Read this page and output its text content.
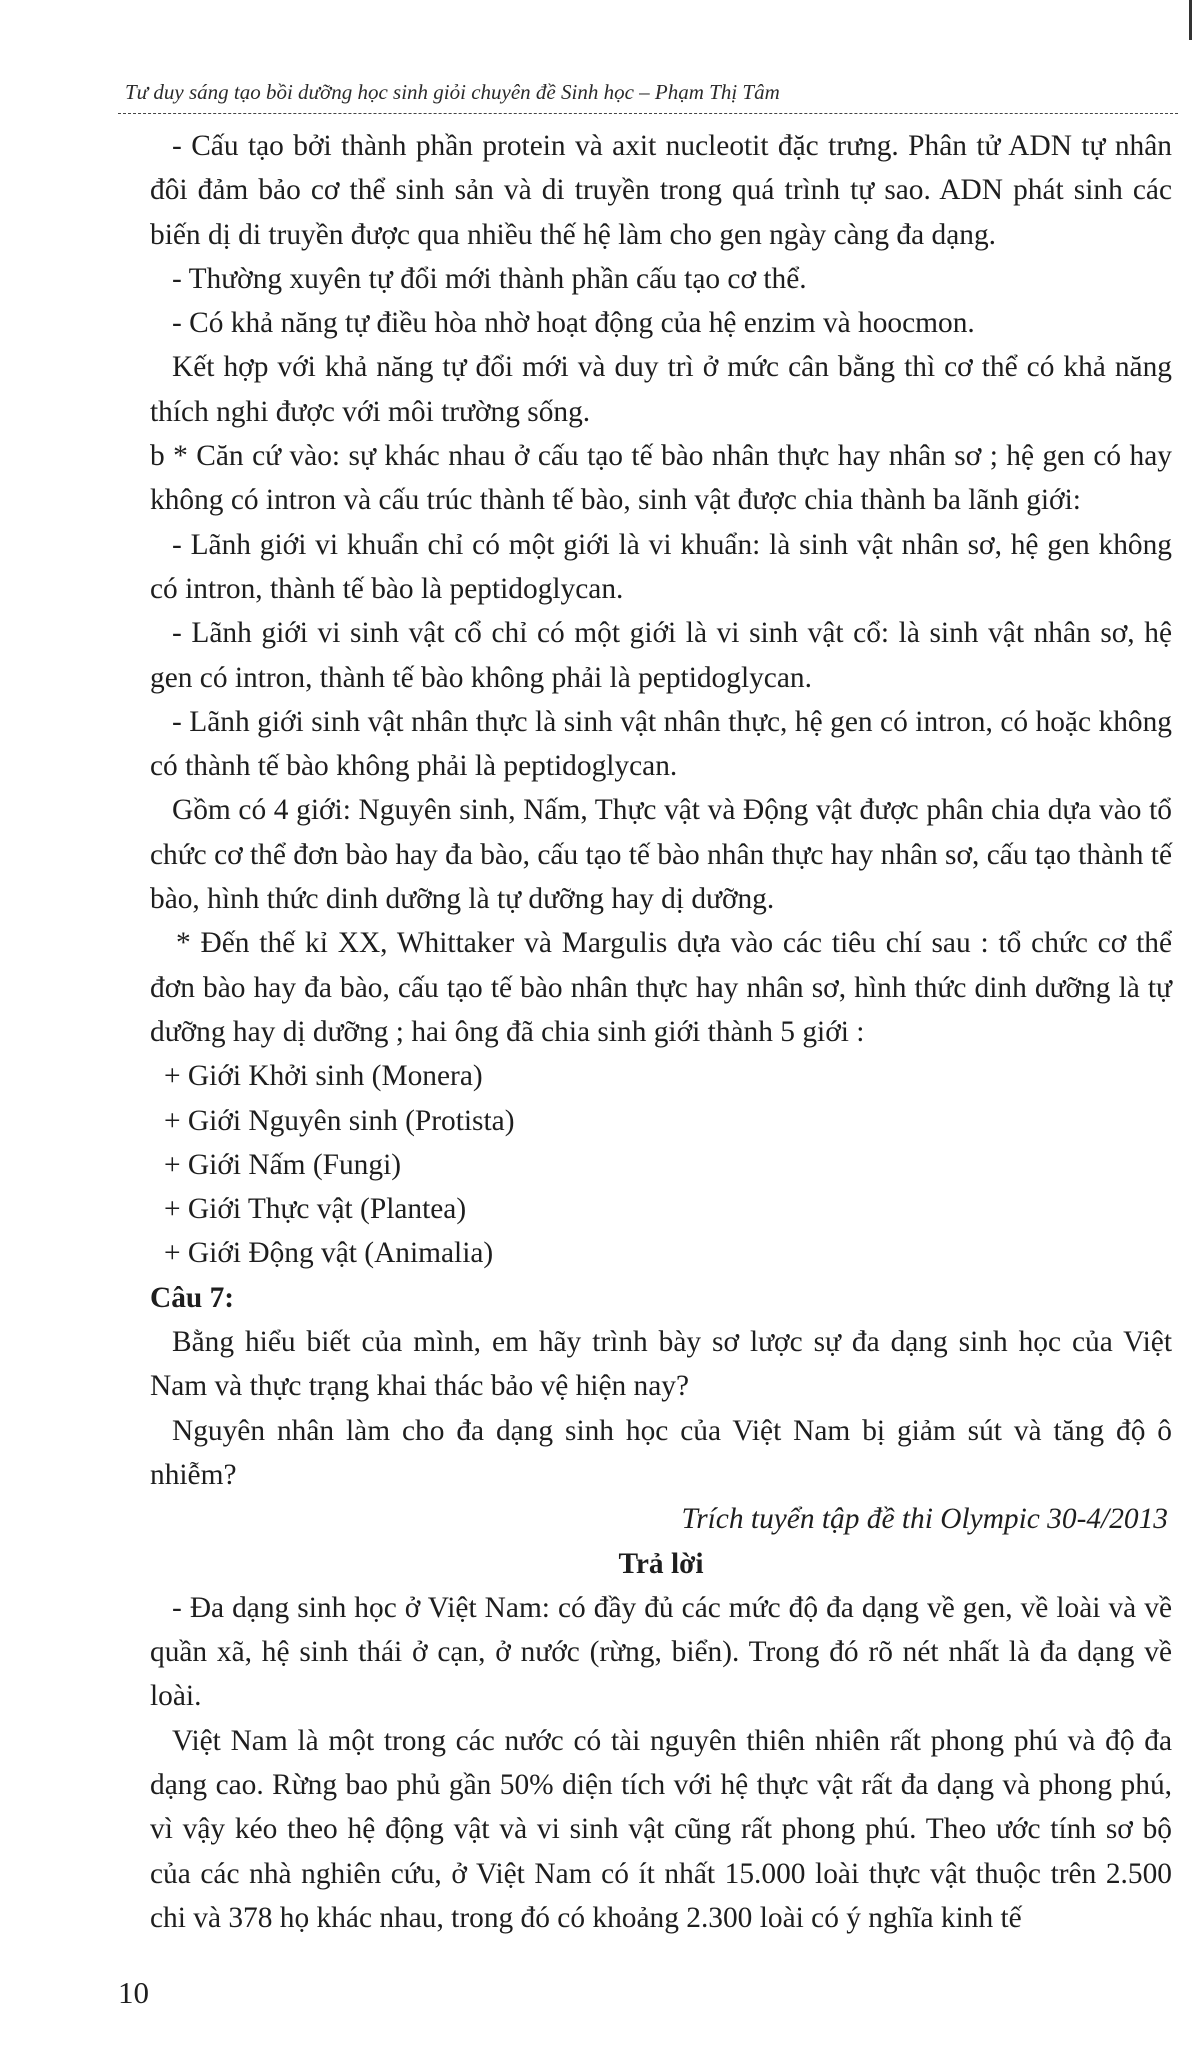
Tư duy sáng tạo bồi dưỡng học sinh giỏi chuyên đề Sinh học – Phạm Thị Tâm

- Cấu tạo bởi thành phần protein và axit nucleotit đặc trưng. Phân tử ADN tự nhân đôi đảm bảo cơ thể sinh sản và di truyền trong quá trình tự sao. ADN phát sinh các biến dị di truyền được qua nhiều thế hệ làm cho gen ngày càng đa dạng.

- Thường xuyên tự đổi mới thành phần cấu tạo cơ thể.

- Có khả năng tự điều hòa nhờ hoạt động của hệ enzim và hoocmon.

Kết hợp với khả năng tự đổi mới và duy trì ở mức cân bằng thì cơ thể có khả năng thích nghi được với môi trường sống.

b * Căn cứ vào: sự khác nhau ở cấu tạo tế bào nhân thực hay nhân sơ ; hệ gen có hay không có intron và cấu trúc thành tế bào, sinh vật được chia thành ba lãnh giới:

- Lãnh giới vi khuẩn chỉ có một giới là vi khuẩn: là sinh vật nhân sơ, hệ gen không có intron, thành tế bào là peptidoglycan.

- Lãnh giới vi sinh vật cổ chỉ có một giới là vi sinh vật cổ: là sinh vật nhân sơ, hệ gen có intron, thành tế bào không phải là peptidoglycan.

- Lãnh giới sinh vật nhân thực là sinh vật nhân thực, hệ gen có intron, có hoặc không có thành tế bào không phải là peptidoglycan.

Gồm có 4 giới: Nguyên sinh, Nấm, Thực vật và Động vật được phân chia dựa vào tổ chức cơ thể đơn bào hay đa bào, cấu tạo tế bào nhân thực hay nhân sơ, cấu tạo thành tế bào, hình thức dinh dưỡng là tự dưỡng hay dị dưỡng.

* Đến thế kỉ XX, Whittaker và Margulis dựa vào các tiêu chí sau : tổ chức cơ thể đơn bào hay đa bào, cấu tạo tế bào nhân thực hay nhân sơ, hình thức dinh dưỡng là tự dưỡng hay dị dưỡng ; hai ông đã chia sinh giới thành 5 giới :

+ Giới Khởi sinh (Monera)

+ Giới Nguyên sinh (Protista)

+ Giới Nấm (Fungi)

+ Giới Thực vật (Plantea)

+ Giới Động vật (Animalia)

Câu 7:

Bằng hiểu biết của mình, em hãy trình bày sơ lược sự đa dạng sinh học của Việt Nam và thực trạng khai thác bảo vệ hiện nay?

Nguyên nhân làm cho đa dạng sinh học của Việt Nam bị giảm sút và tăng độ ô nhiễm?

Trích tuyển tập đề thi Olympic 30-4/2013

Trả lời

- Đa dạng sinh học ở Việt Nam: có đầy đủ các mức độ đa dạng về gen, về loài và về quần xã, hệ sinh thái ở cạn, ở nước (rừng, biển). Trong đó rõ nét nhất là đa dạng về loài.

Việt Nam là một trong các nước có tài nguyên thiên nhiên rất phong phú và độ đa dạng cao. Rừng bao phủ gần 50% diện tích với hệ thực vật rất đa dạng và phong phú, vì vậy kéo theo hệ động vật và vi sinh vật cũng rất phong phú. Theo ước tính sơ bộ của các nhà nghiên cứu, ở Việt Nam có ít nhất 15.000 loài thực vật thuộc trên 2.500 chi và 378 họ khác nhau, trong đó có khoảng 2.300 loài có ý nghĩa kinh tế

10
